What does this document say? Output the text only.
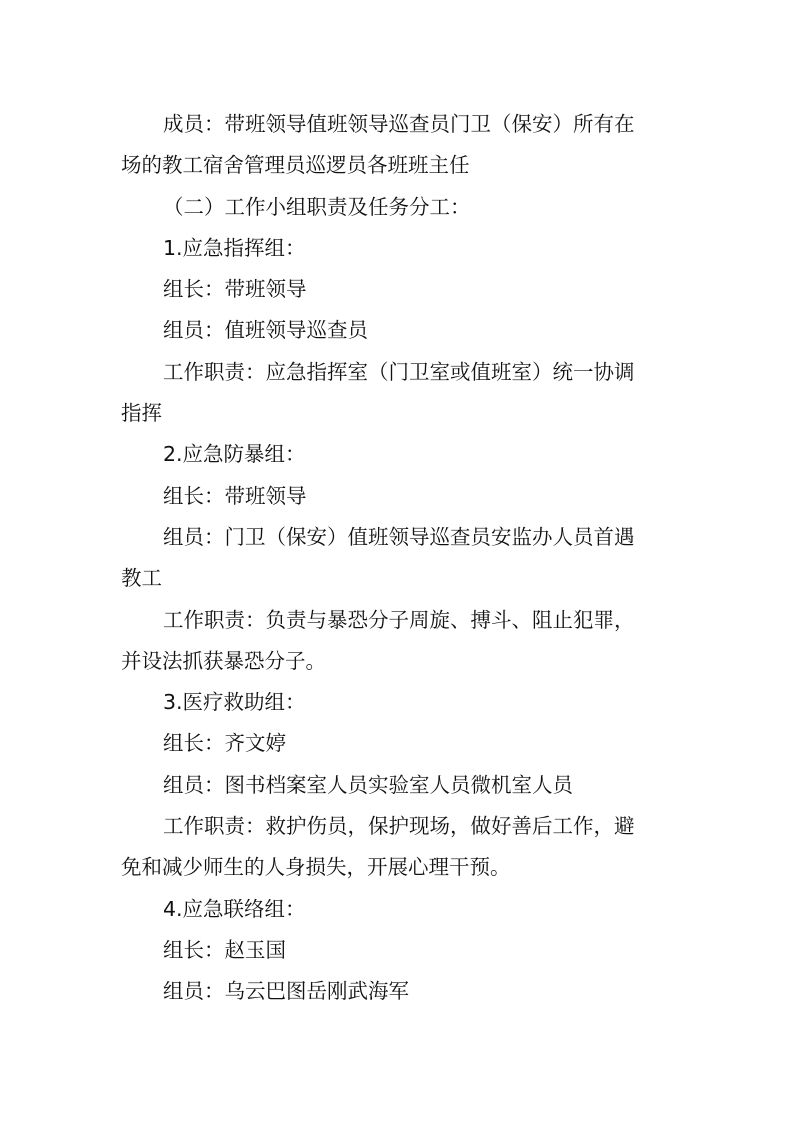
成员：带班领导值班领导巡查员门卫（保安）所有在
场的教工宿舍管理员巡逻员各班班主任
（二）工作小组职责及任务分工：
1.应急指挥组：
组长：带班领导
组员：值班领导巡查员
工作职责：应急指挥室（门卫室或值班室）统一协调
指挥
2.应急防暴组：
组长：带班领导
组员：门卫（保安）值班领导巡查员安监办人员首遇
教工
工作职责：负责与暴恐分子周旋、搏斗、阻止犯罪，
并设法抓获暴恐分子。
3.医疗救助组：
组长：齐文婷
组员：图书档案室人员实验室人员微机室人员
工作职责：救护伤员，保护现场，做好善后工作，避
免和减少师生的人身损失，开展心理干预。
4.应急联络组：
组长：赵玉国
组员：乌云巴图岳刚武海军
